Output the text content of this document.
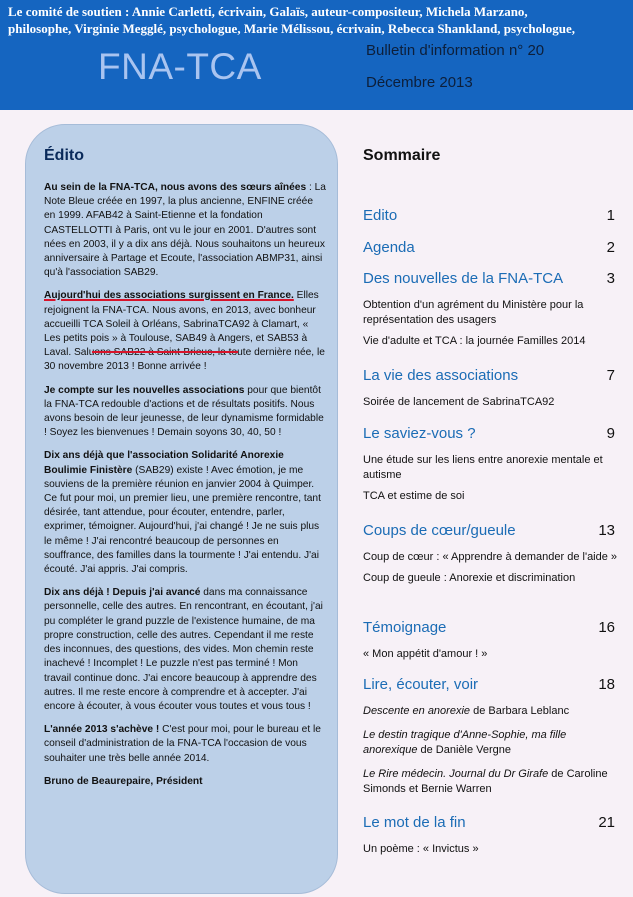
Le comité de soutien : Annie Carletti, écrivain, Galaïs, auteur-compositeur, Michela Marzano,
philosophe, Virginie Megglé, psychologue, Marie Mélissou, écrivain, Rebecca Shankland, psychologue,
FNA-TCA	Bulletin d'information n° 20
Décembre 2013
Édito

Au sein de la FNA-TCA, nous avons des sœurs aînées : La Note Bleue créée en 1997, la plus ancienne, ENFINE créée en 1999. AFAB42 à Saint-Etienne et la fondation CASTELLOTTI à Paris, ont vu le jour en 2001. D'autres sont nées en 2003, il y a dix ans déjà. Nous souhaitons un heureux anniversaire à Partage et Ecoute, l'association ABMP31, ainsi qu'à l'association SAB29.

Aujourd'hui des associations surgissent en France. Elles rejoignent la FNA-TCA. Nous avons, en 2013, avec bonheur accueilli TCA Soleil à Orléans, SabrinaTCA92 à Clamart, « Les petits pois » à Toulouse, SAB49 à Angers, et SAB53 à Laval. Saluons SAB22 à Saint-Brieuc, la toute dernière née, le 30 novembre 2013 ! Bonne arrivée !

Je compte sur les nouvelles associations pour que bientôt la FNA-TCA redouble d'actions et de résultats positifs. Nous avons besoin de leur jeunesse, de leur dynamisme formidable ! Soyez les bienvenues ! Demain soyons 30, 40, 50 !

Dix ans déjà que l'association Solidarité Anorexie Boulimie Finistère (SAB29) existe ! Avec émotion, je me souviens de la première réunion en janvier 2004 à Quimper. Ce fut pour moi, un premier lieu, une première rencontre, tant désirée, tant attendue, pour écouter, entendre, parler, exprimer, témoigner. Aujourd'hui, j'ai changé ! Je ne suis plus le même ! J'ai rencontré beaucoup de personnes en souffrance, des familles dans la tourmente ! J'ai entendu. J'ai écouté. J'ai appris. J'ai compris.

Dix ans déjà ! Depuis j'ai avancé dans ma connaissance personnelle, celle des autres. En rencontrant, en écoutant, j'ai pu compléter le grand puzzle de l'existence humaine, de ma propre construction, celle des autres. Cependant il me reste des inconnues, des questions, des vides. Mon chemin reste inachevé ! Incomplet ! Le puzzle n'est pas terminé ! Mon travail continue donc. J'ai encore beaucoup à apprendre des autres. Il me reste encore à comprendre et à accepter. J'ai encore à écouter, à vous écouter vous toutes et vous tous !

L'année 2013 s'achève ! C'est pour moi, pour le bureau et le conseil d'administration de la FNA-TCA l'occasion de vous souhaiter une très belle année 2014.

Bruno de Beaurepaire, Président
Sommaire
Edito	1
Agenda	2
Des nouvelles de la FNA-TCA	3
Obtention d'un agrément du Ministère pour la représentation des usagers
Vie d'adulte et TCA : la journée Familles 2014
La vie des associations	7
Soirée de lancement de SabrinaTCA92
Le saviez-vous ?	9
Une étude sur les liens entre anorexie mentale et autisme
TCA et estime de soi
Coups de cœur/gueule	13
Coup de cœur : « Apprendre à demander de l'aide »
Coup de gueule : Anorexie et discrimination
Témoignage	16
« Mon appétit d'amour ! »
Lire, écouter, voir	18
Descente en anorexie de Barbara Leblanc
Le destin tragique d'Anne-Sophie, ma fille anorexique de Danièle Vergne
Le Rire médecin. Journal du Dr Girafe de Caroline Simonds et Bernie Warren
Le mot de la fin	21
Un poème : « Invictus »
